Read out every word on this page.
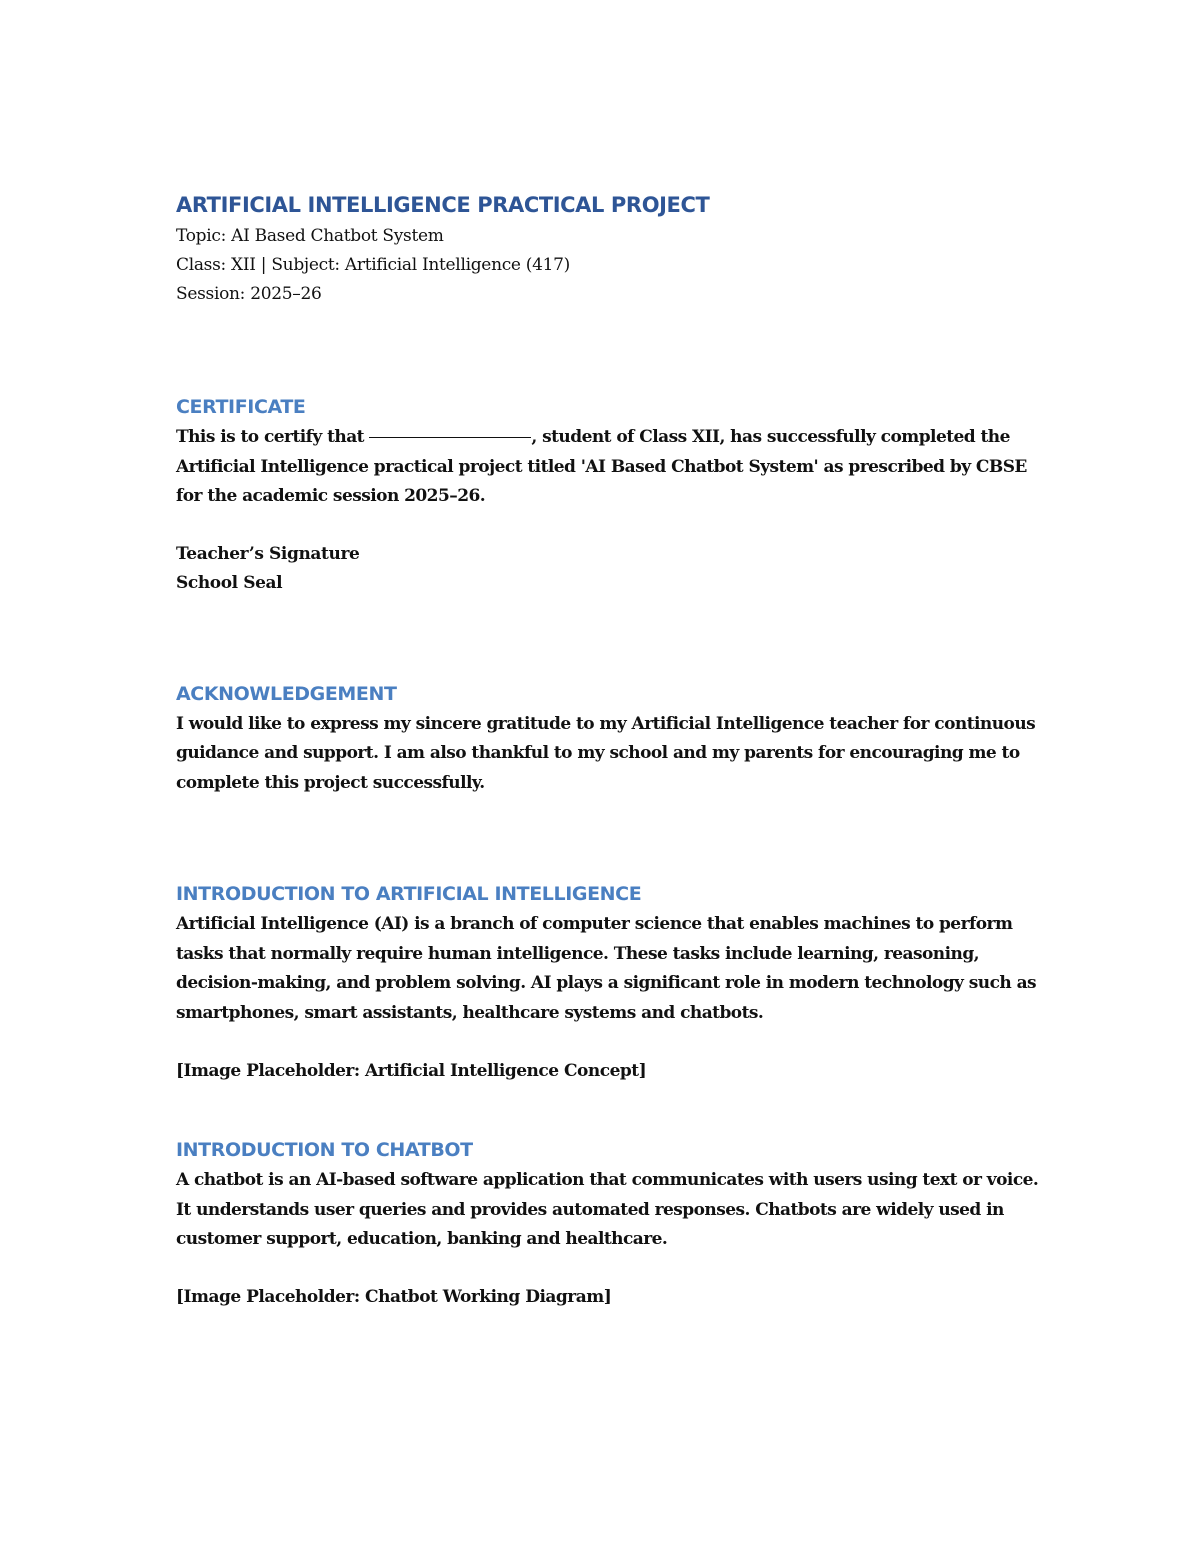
ARTIFICIAL INTELLIGENCE PRACTICAL PROJECT

Topic: AI Based Chatbot System

Class: XII | Subject: Artificial Intelligence (417)

Session: 2025–26

CERTIFICATE

This is to certify that	, student of Class XII, has successfully completed the Artificial Intelligence practical project titled 'AI Based Chatbot System' as prescribed by CBSE for the academic session 2025–26.

Teacher’s Signature

School Seal

ACKNOWLEDGEMENT

I would like to express my sincere gratitude to my Artificial Intelligence teacher for continuous guidance and support. I am also thankful to my school and my parents for encouraging me to complete this project successfully.

INTRODUCTION TO ARTIFICIAL INTELLIGENCE

Artificial Intelligence (AI) is a branch of computer science that enables machines to perform tasks that normally require human intelligence. These tasks include learning, reasoning, decision-making, and problem solving. AI plays a significant role in modern technology such as smartphones, smart assistants, healthcare systems and chatbots.

[Image Placeholder: Artificial Intelligence Concept]

INTRODUCTION TO CHATBOT

A chatbot is an AI-based software application that communicates with users using text or voice. It understands user queries and provides automated responses. Chatbots are widely used in customer support, education, banking and healthcare.

[Image Placeholder: Chatbot Working Diagram]
